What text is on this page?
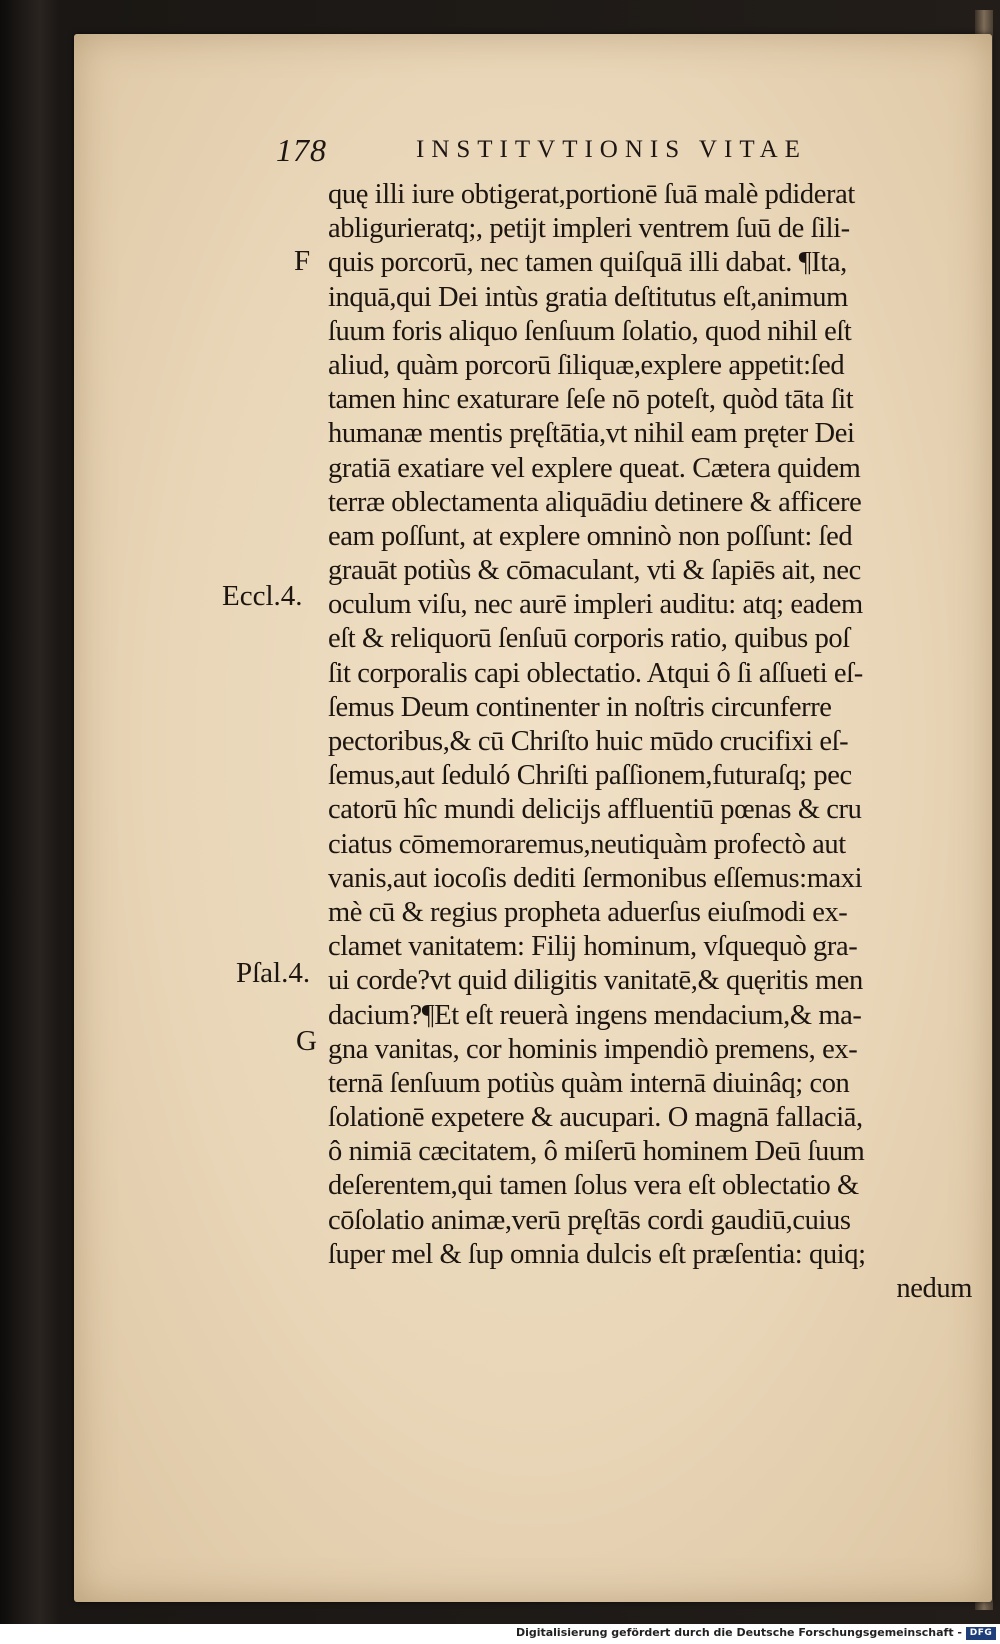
178	INSTITVTIONIS VITAE
F
Eccl.4.
Pſal.4.
G
quę illi iure obtigerat,portionē ſuā malè pdiderat
abligurieratq;, petijt impleri ventrem ſuū de ſili-
quis porcorū, nec tamen quiſquā illi dabat. ¶Ita,
inquā,qui Dei intùs gratia deſtitutus eſt,animum
ſuum foris aliquo ſenſuum ſolatio, quod nihil eſt
aliud, quàm porcorū ſiliquæ,explere appetit:ſed
tamen hinc exaturare ſeſe nō poteſt, quòd tāta ſit
humanæ mentis pręſtātia,vt nihil eam pręter Dei
gratiā exatiare vel explere queat. Cætera quidem
terræ oblectamenta aliquādiu detinere & afficere
eam poſſunt, at explere omninò non poſſunt: ſed
grauāt potiùs & cōmaculant, vti & ſapiēs ait, nec
oculum viſu, nec aurē impleri auditu: atq; eadem
eſt & reliquorū ſenſuū corporis ratio, quibus poſ
ſit corporalis capi oblectatio. Atqui ô ſi aſſueti eſ-
ſemus Deum continenter in noſtris circunferre
pectoribus,& cū Chriſto huic mūdo crucifixi eſ-
ſemus,aut ſeduló Chriſti paſſionem,futuraſq; pec
catorū hîc mundi delicijs affluentiū pœnas & cru
ciatus cōmemoraremus,neutiquàm profectò aut
vanis,aut iocoſis dediti ſermonibus eſſemus:maxi
mè cū & regius propheta aduerſus eiuſmodi ex-
clamet vanitatem: Filij hominum, vſquequò gra-
ui corde?vt quid diligitis vanitatē,& quęritis men
dacium?¶Et eſt reuerà ingens mendacium,& ma-
gna vanitas, cor hominis impendiò premens, ex-
ternā ſenſuum potiùs quàm internā diuinâq; con
ſolationē expetere & aucupari. O magnā fallaciā,
ô nimiā cæcitatem, ô miſerū hominem Deū ſuum
deſerentem,qui tamen ſolus vera eſt oblectatio &
cōſolatio animæ,verū pręſtās cordi gaudiū,cuius
ſuper mel & ſup omnia dulcis eſt præſentia: quiq;
nedum
Digitalisierung gefördert durch die Deutsche Forschungsgemeinschaft - DFG
